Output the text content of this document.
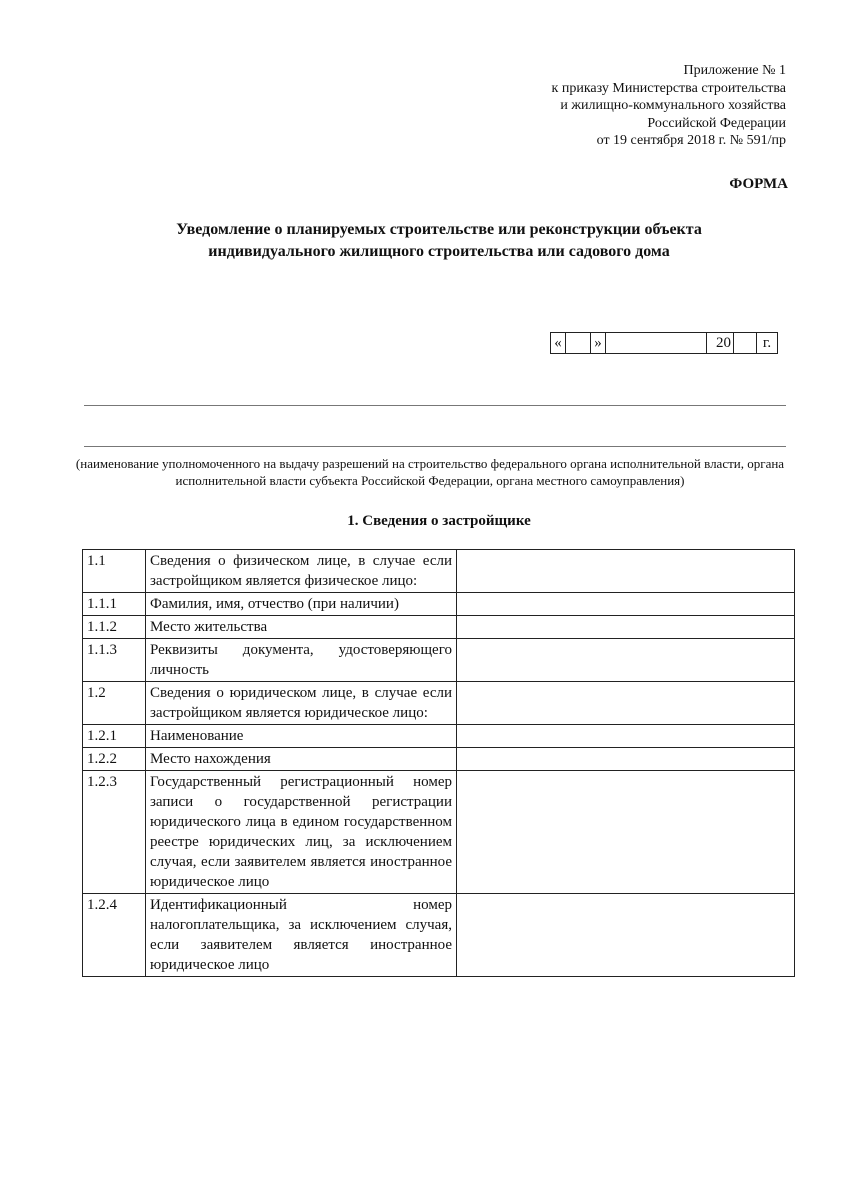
Приложение № 1
к приказу Министерства строительства
и жилищно-коммунального хозяйства
Российской Федерации
от 19 сентября 2018 г. № 591/пр
ФОРМА
Уведомление о планируемых строительстве или реконструкции объекта
индивидуального жилищного строительства или садового дома
«		»		20		г.
(наименование уполномоченного на выдачу разрешений на строительство федерального органа исполнительной власти, органа исполнительной власти субъекта Российской Федерации, органа местного самоуправления)
1. Сведения о застройщике
1.1	Сведения о физическом лице, в случае если застройщиком является физическое лицо:	
1.1.1	Фамилия, имя, отчество (при наличии)	
1.1.2	Место жительства	
1.1.3	Реквизиты документа, удостоверяющего личность	
1.2	Сведения о юридическом лице, в случае если застройщиком является юридическое лицо:	
1.2.1	Наименование	
1.2.2	Место нахождения	
1.2.3	Государственный регистрационный номер записи о государственной регистрации юридического лица в едином государственном реестре юридических лиц, за исключением случая, если заявителем является иностранное юридическое лицо	
1.2.4	Идентификационный номер налогоплательщика, за исключением случая, если заявителем является иностранное юридическое лицо	
